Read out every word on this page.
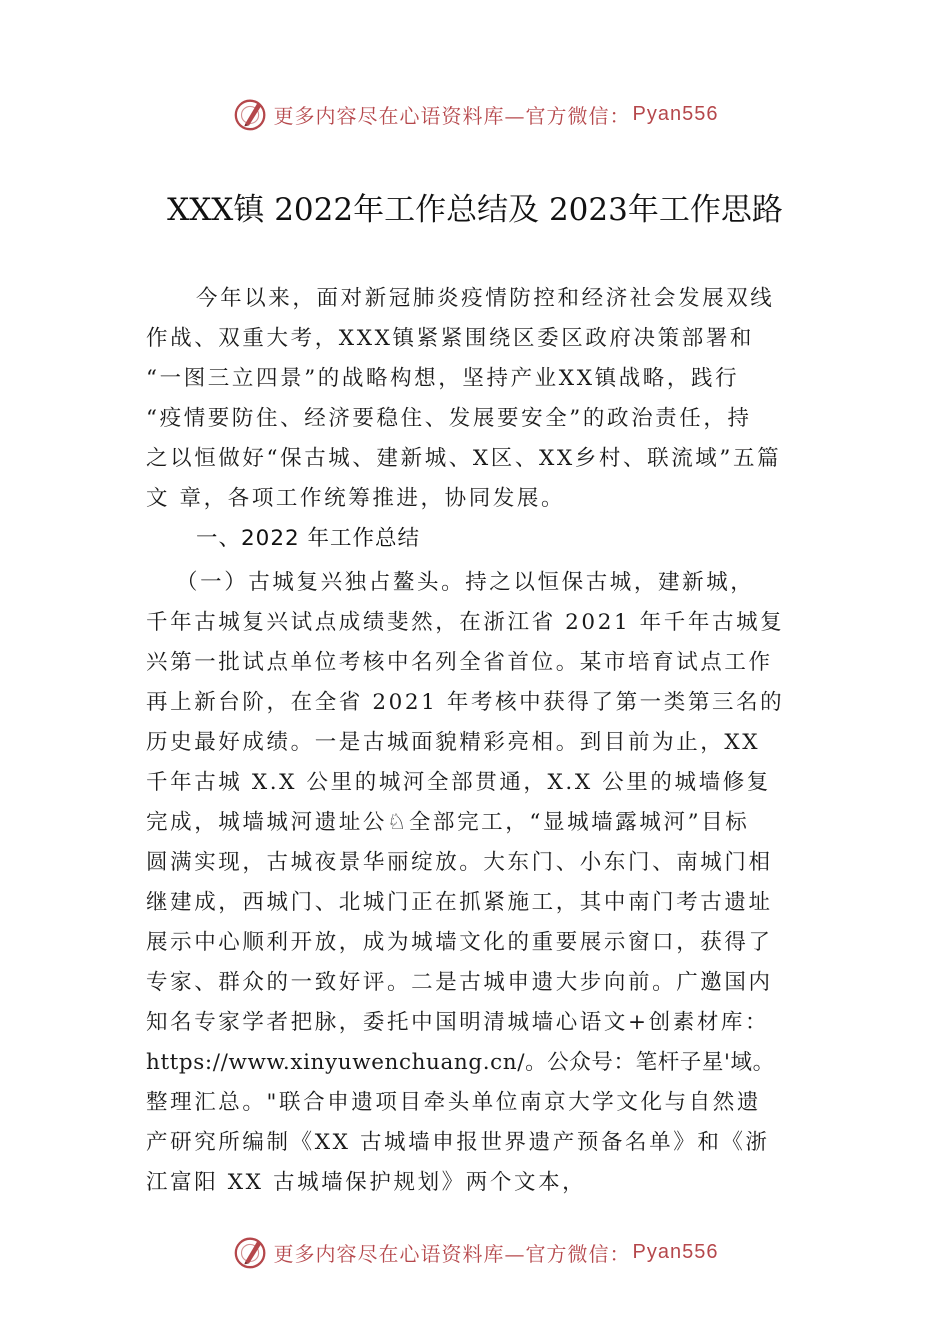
更多内容尽在心语资料库—官方微信： Pyan556
XXX镇 2022年工作总结及 2023年工作思路
今年以来，面对新冠肺炎疫情防控和经济社会发展双线
作战、双重大考，XXX镇紧紧围绕区委区政府决策部署和
“一图三立四景”的战略构想，坚持产业XX镇战略，践行
“疫情要防住、经济要稳住、发展要安全”的政治责任，持
之以恒做好“保古城、建新城、X区、XX乡村、联流域”五篇
文 章，各项工作统筹推进，协同发展。
一、2022 年工作总结
（一）古城复兴独占鳌头。持之以恒保古城，建新城，
千年古城复兴试点成绩斐然，在浙江省 2021 年千年古城复
兴第一批试点单位考核中名列全省首位。某市培育试点工作
再上新台阶，在全省 2021 年考核中获得了第一类第三名的
历史最好成绩。一是古城面貌精彩亮相。到目前为止，XX
千年古城 X.X 公里的城河全部贯通，X.X 公里的城墙修复
完成，城墙城河遗址公♘全部完工，“显城墙露城河”目标
圆满实现，古城夜景华丽绽放。大东门、小东门、南城门相
继建成，西城门、北城门正在抓紧施工，其中南门考古遗址
展示中心顺利开放，成为城墙文化的重要展示窗口，获得了
专家、群众的一致好评。二是古城申遗大步向前。广邀国内
知名专家学者把脉，委托中国明清城墙心语文+创素材库：
https://www.xinyuwenchuang.cn/。公众号：笔杆子星'域。
整理汇总。"联合申遗项目牵头单位南京大学文化与自然遗
产研究所编制《XX 古城墙申报世界遗产预备名单》和《浙
江富阳 XX 古城墙保护规划》两个文本，
更多内容尽在心语资料库—官方微信： Pyan556
